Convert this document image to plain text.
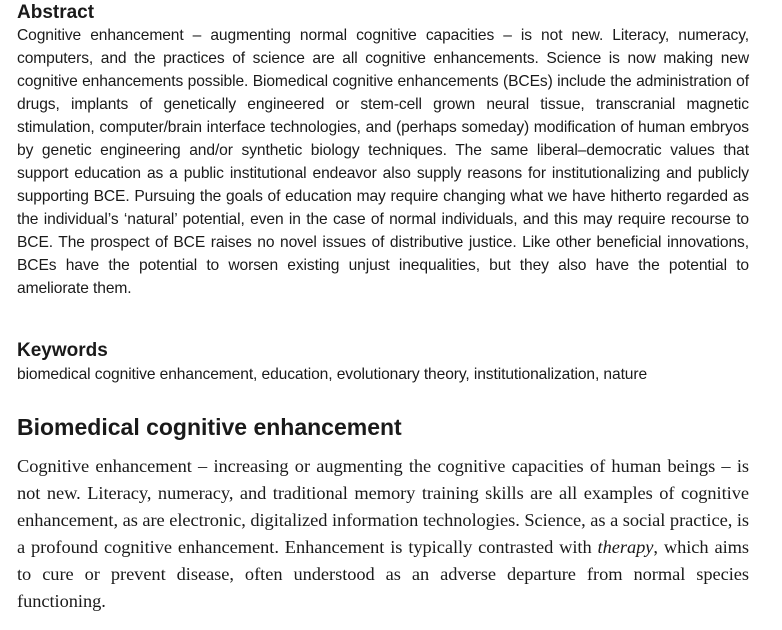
Abstract

Cognitive enhancement – augmenting normal cognitive capacities – is not new. Literacy, numeracy, computers, and the practices of science are all cognitive enhancements. Science is now making new cognitive enhancements possible. Biomedical cognitive enhancements (BCEs) include the administration of drugs, implants of genetically engineered or stem-cell grown neural tissue, transcranial magnetic stimulation, computer/brain interface technologies, and (perhaps someday) modification of human embryos by genetic engineering and/or synthetic biology techniques. The same liberal–democratic values that support education as a public institutional endeavor also supply reasons for institutionalizing and publicly supporting BCE. Pursuing the goals of education may require changing what we have hitherto regarded as the individual’s ‘natural’ potential, even in the case of normal individuals, and this may require recourse to BCE. The prospect of BCE raises no novel issues of distributive justice. Like other beneficial innovations, BCEs have the potential to worsen existing unjust inequalities, but they also have the potential to ameliorate them.

Keywords

biomedical cognitive enhancement, education, evolutionary theory, institutionalization, nature

Biomedical cognitive enhancement

Cognitive enhancement – increasing or augmenting the cognitive capacities of human beings – is not new. Literacy, numeracy, and traditional memory training skills are all examples of cognitive enhancement, as are electronic, digitalized information technologies. Science, as a social practice, is a profound cognitive enhancement. Enhancement is typically contrasted with therapy, which aims to cure or prevent disease, often understood as an adverse departure from normal species functioning.
